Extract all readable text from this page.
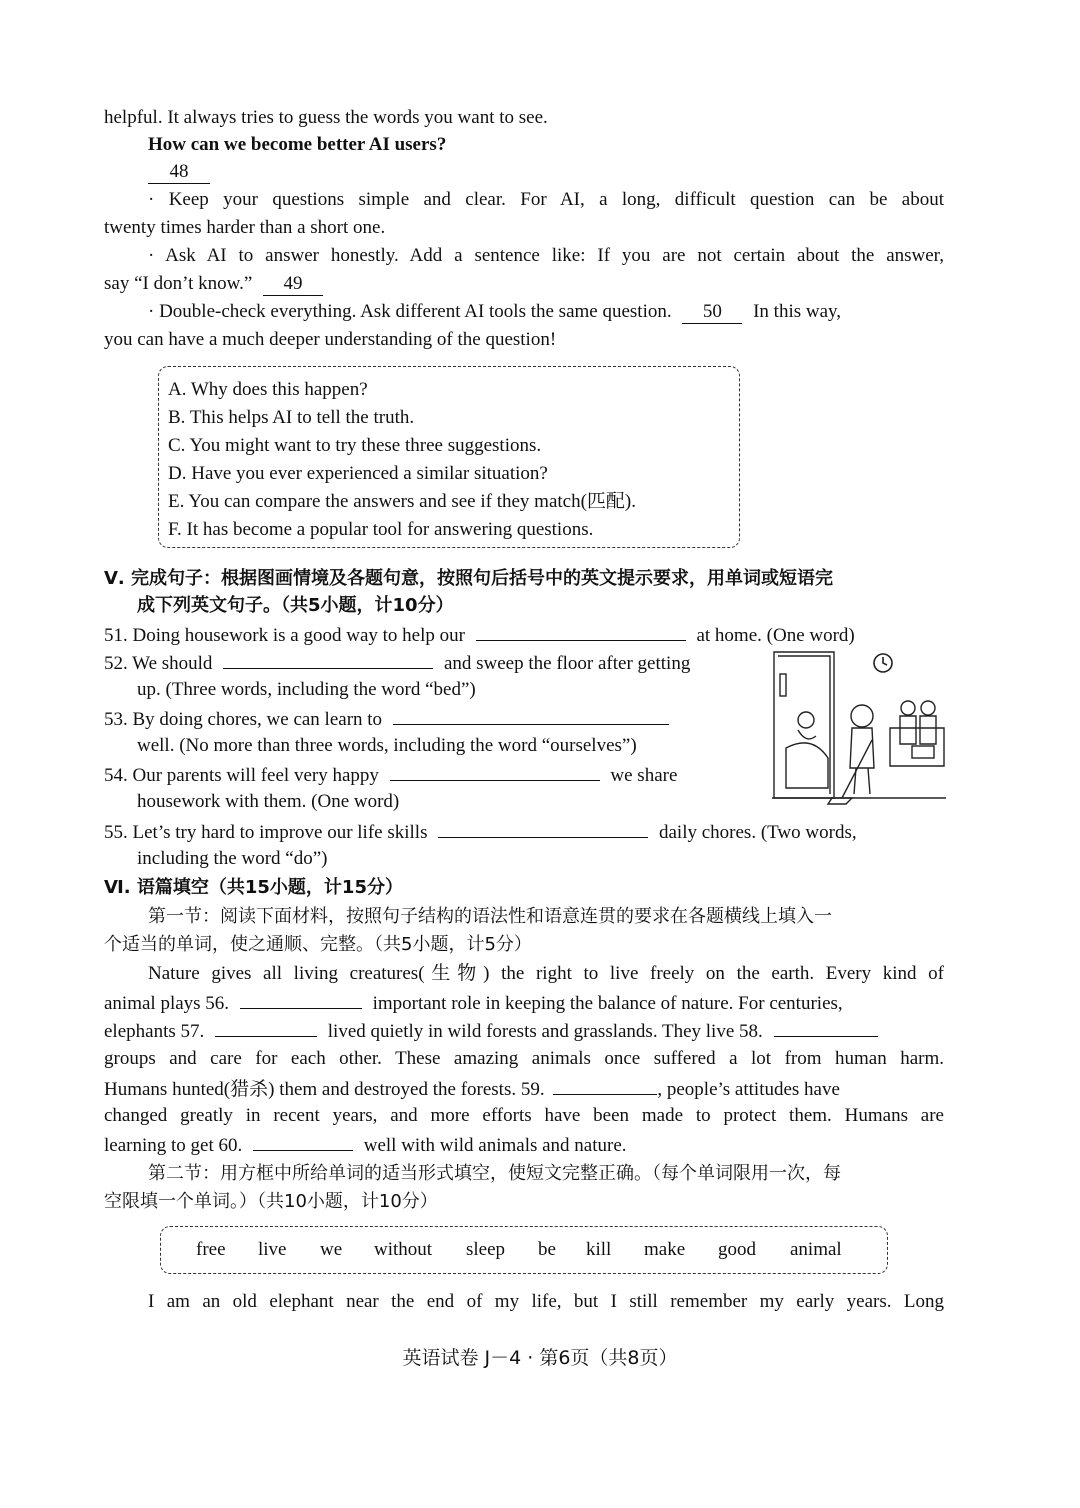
helpful. It always tries to guess the words you want to see.
How can we become better AI users?
48
· Keep your questions simple and clear. For AI, a long, difficult question can be about
twenty times harder than a short one.
· Ask AI to answer honestly. Add a sentence like: If you are not certain about the answer,
say “I don’t know.” 49
· Double-check everything. Ask different AI tools the same question. 50 In this way,
you can have a much deeper understanding of the question!
A. Why does this happen?
B. This helps AI to tell the truth.
C. You might want to try these three suggestions.
D. Have you ever experienced a similar situation?
E. You can compare the answers and see if they match(匹配).
F. It has become a popular tool for answering questions.
Ⅴ. 完成句子：根据图画情境及各题句意，按照句后括号中的英文提示要求，用单词或短语完
成下列英文句子。（共5小题，计10分）
51. Doing housework is a good way to help our	at home. (One word)
52. We should	and sweep the floor after getting
up. (Three words, including the word “bed”)
53. By doing chores, we can learn to
well. (No more than three words, including the word “ourselves”)
54. Our parents will feel very happy	we share
housework with them. (One word)
55. Let’s try hard to improve our life skills	daily chores. (Two words,
including the word “do”)
Ⅵ. 语篇填空（共15小题，计15分）
第一节：阅读下面材料，按照句子结构的语法性和语意连贯的要求在各题横线上填入一
个适当的单词，使之通顺、完整。（共5小题，计5分）
Nature gives all living creatures(生物) the right to live freely on the earth. Every kind of
animal plays 56.	important role in keeping the balance of nature. For centuries,
elephants 57.	lived quietly in wild forests and grasslands. They live 58.
groups and care for each other. These amazing animals once suffered a lot from human harm.
Humans hunted(猎杀) them and destroyed the forests. 59.	, people’s attitudes have
changed greatly in recent years, and more efforts have been made to protect them. Humans are
learning to get 60.	well with wild animals and nature.
第二节：用方框中所给单词的适当形式填空，使短文完整正确。（每个单词限用一次，每
空限填一个单词。）（共10小题，计10分）
free live we without sleep be kill make good animal
I am an old elephant near the end of my life, but I still remember my early years. Long
英语试卷 J－4 · 第6页（共8页）
